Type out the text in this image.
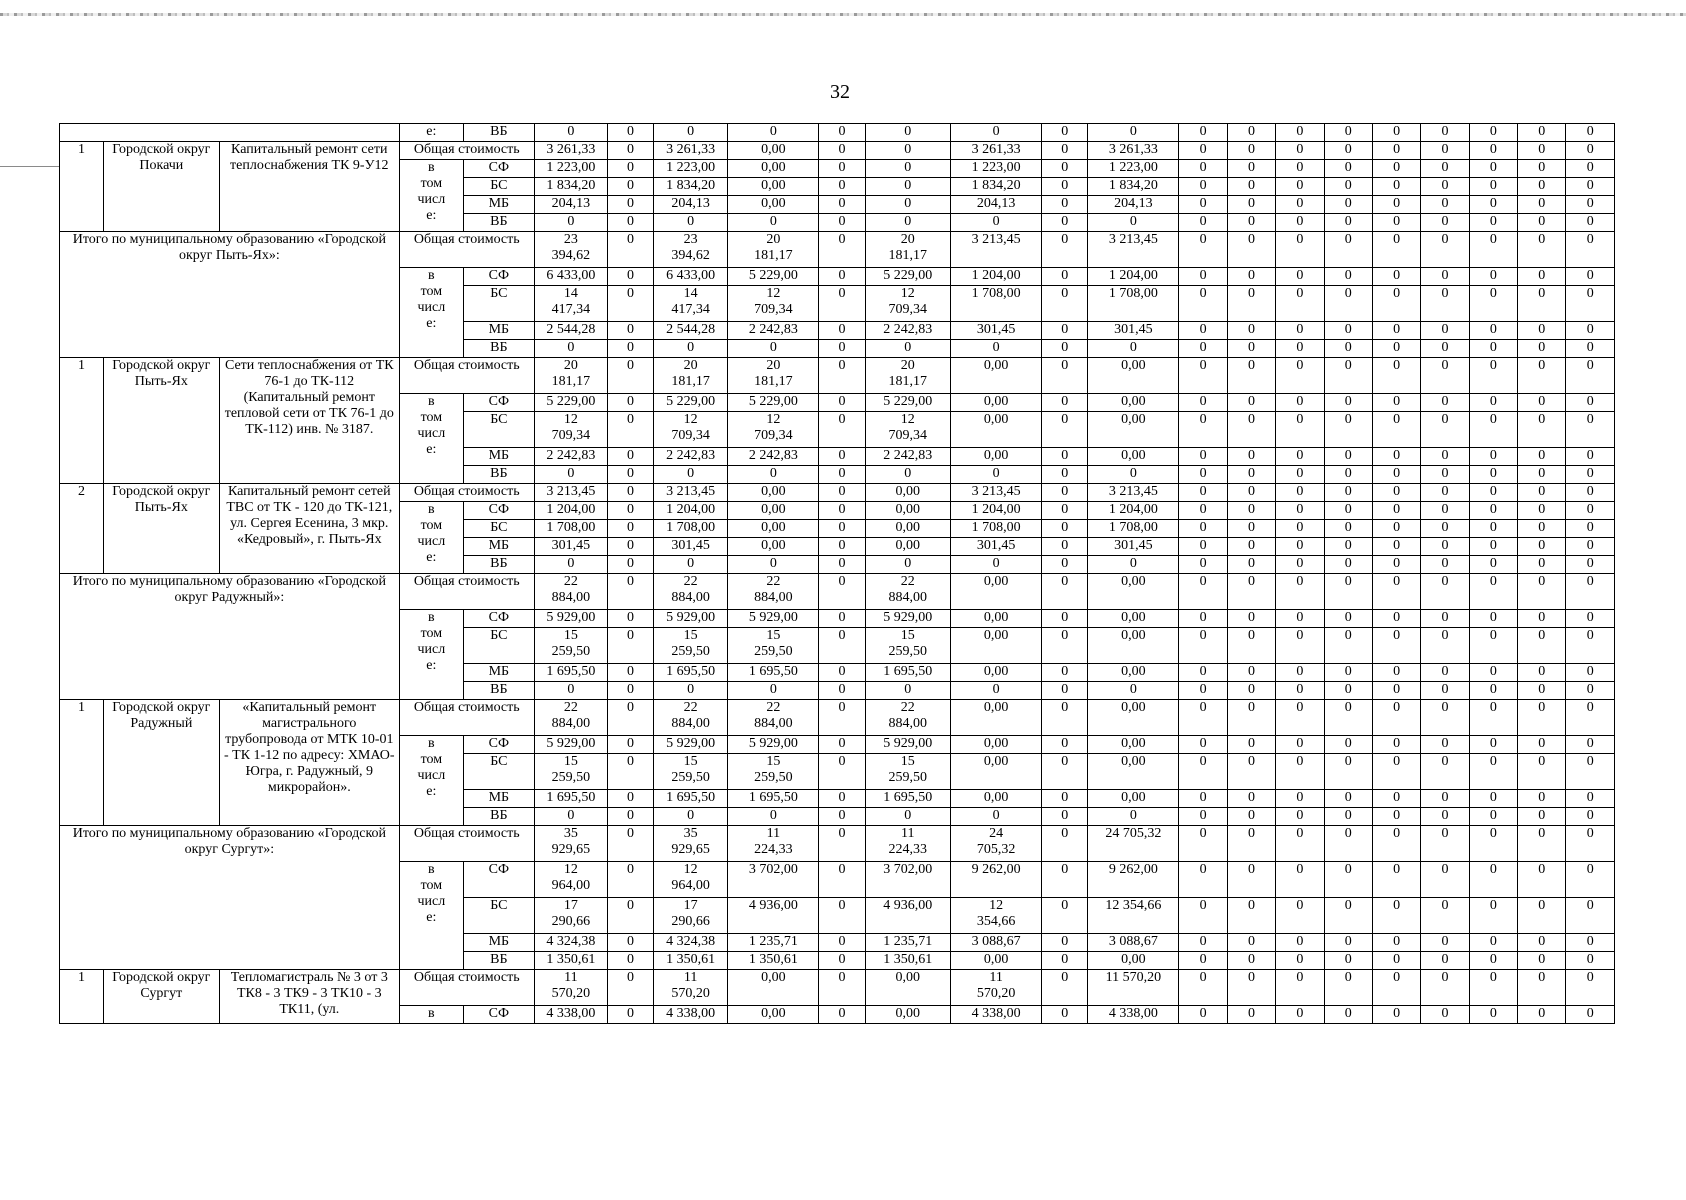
32
			е:	ВБ	0	0	0	0	0	0	0	0	0	0	0	0	0	0	0	0	0	0
1	Городской округ Покачи	Капитальный ремонт сети теплоснабжения ТК 9-У12	Общая стоимость		3 261,33	0	3 261,33	0,00	0	0	3 261,33	0	3 261,33	0	0	0	0	0	0	0	0	0
			в
том
числ
е:	СФ	1 223,00	0	1 223,00	0,00	0	0	1 223,00	0	1 223,00	0	0	0	0	0	0	0	0	0
				БС	1 834,20	0	1 834,20	0,00	0	0	1 834,20	0	1 834,20	0	0	0	0	0	0	0	0	0
				МБ	204,13	0	204,13	0,00	0	0	204,13	0	204,13	0	0	0	0	0	0	0	0	0
				ВБ	0	0	0	0	0	0	0	0	0	0	0	0	0	0	0	0	0	0
Итого по муниципальному образованию «Городской округ Пыть-Ях»:			Общая стоимость		23
394,62	0	23
394,62	20
181,17	0	20
181,17	3 213,45	0	3 213,45	0	0	0	0	0	0	0	0	0
			в
том
числ
е:	СФ	6 433,00	0	6 433,00	5 229,00	0	5 229,00	1 204,00	0	1 204,00	0	0	0	0	0	0	0	0	0
				БС	14
417,34	0	14
417,34	12
709,34	0	12
709,34	1 708,00	0	1 708,00	0	0	0	0	0	0	0	0	0
				МБ	2 544,28	0	2 544,28	2 242,83	0	2 242,83	301,45	0	301,45	0	0	0	0	0	0	0	0	0
				ВБ	0	0	0	0	0	0	0	0	0	0	0	0	0	0	0	0	0	0
1	Городской округ Пыть-Ях	Сети теплоснабжения от ТК 76-1 до ТК-112 (Капитальный ремонт тепловой сети от ТК 76-1 до ТК-112) инв. № 3187.	Общая стоимость		20
181,17	0	20
181,17	20
181,17	0	20
181,17	0,00	0	0,00	0	0	0	0	0	0	0	0	0
			в
том
числ
е:	СФ	5 229,00	0	5 229,00	5 229,00	0	5 229,00	0,00	0	0,00	0	0	0	0	0	0	0	0	0
				БС	12
709,34	0	12
709,34	12
709,34	0	12
709,34	0,00	0	0,00	0	0	0	0	0	0	0	0	0
				МБ	2 242,83	0	2 242,83	2 242,83	0	2 242,83	0,00	0	0,00	0	0	0	0	0	0	0	0	0
				ВБ	0	0	0	0	0	0	0	0	0	0	0	0	0	0	0	0	0	0
2	Городской округ Пыть-Ях	Капитальный ремонт сетей ТВС от ТК - 120 до ТК-121, ул. Сергея Есенина, 3 мкр. «Кедровый», г. Пыть-Ях	Общая стоимость		3 213,45	0	3 213,45	0,00	0	0,00	3 213,45	0	3 213,45	0	0	0	0	0	0	0	0	0
			в
том
числ
е:	СФ	1 204,00	0	1 204,00	0,00	0	0,00	1 204,00	0	1 204,00	0	0	0	0	0	0	0	0	0
				БС	1 708,00	0	1 708,00	0,00	0	0,00	1 708,00	0	1 708,00	0	0	0	0	0	0	0	0	0
				МБ	301,45	0	301,45	0,00	0	0,00	301,45	0	301,45	0	0	0	0	0	0	0	0	0
				ВБ	0	0	0	0	0	0	0	0	0	0	0	0	0	0	0	0	0	0
Итого по муниципальному образованию «Городской округ Радужный»:			Общая стоимость		22
884,00	0	22
884,00	22
884,00	0	22
884,00	0,00	0	0,00	0	0	0	0	0	0	0	0	0
			в
том
числ
е:	СФ	5 929,00	0	5 929,00	5 929,00	0	5 929,00	0,00	0	0,00	0	0	0	0	0	0	0	0	0
				БС	15
259,50	0	15
259,50	15
259,50	0	15
259,50	0,00	0	0,00	0	0	0	0	0	0	0	0	0
				МБ	1 695,50	0	1 695,50	1 695,50	0	1 695,50	0,00	0	0,00	0	0	0	0	0	0	0	0	0
				ВБ	0	0	0	0	0	0	0	0	0	0	0	0	0	0	0	0	0	0
1	Городской округ Радужный	«Капитальный ремонт магистрального трубопровода от МТК 10-01 - ТК 1-12 по адресу: ХМАО-Югра, г. Радужный, 9 микрорайон».	Общая стоимость		22
884,00	0	22
884,00	22
884,00	0	22
884,00	0,00	0	0,00	0	0	0	0	0	0	0	0	0
			в
том
числ
е:	СФ	5 929,00	0	5 929,00	5 929,00	0	5 929,00	0,00	0	0,00	0	0	0	0	0	0	0	0	0
				БС	15
259,50	0	15
259,50	15
259,50	0	15
259,50	0,00	0	0,00	0	0	0	0	0	0	0	0	0
				МБ	1 695,50	0	1 695,50	1 695,50	0	1 695,50	0,00	0	0,00	0	0	0	0	0	0	0	0	0
				ВБ	0	0	0	0	0	0	0	0	0	0	0	0	0	0	0	0	0	0
Итого по муниципальному образованию «Городской округ Сургут»:			Общая стоимость		35
929,65	0	35
929,65	11
224,33	0	11
224,33	24
705,32	0	24 705,32	0	0	0	0	0	0	0	0	0
			в
том
числ
е:	СФ	12
964,00	0	12
964,00	3 702,00	0	3 702,00	9 262,00	0	9 262,00	0	0	0	0	0	0	0	0	0
				БС	17
290,66	0	17
290,66	4 936,00	0	4 936,00	12
354,66	0	12 354,66	0	0	0	0	0	0	0	0	0
				МБ	4 324,38	0	4 324,38	1 235,71	0	1 235,71	3 088,67	0	3 088,67	0	0	0	0	0	0	0	0	0
				ВБ	1 350,61	0	1 350,61	1 350,61	0	1 350,61	0,00	0	0,00	0	0	0	0	0	0	0	0	0
1	Городской округ Сургут	Тепломагистраль № 3 от 3 ТК8 - 3 ТК9 - 3 ТК10 - 3 ТК11, (ул.	Общая стоимость		11
570,20	0	11
570,20	0,00	0	0,00	11
570,20	0	11 570,20	0	0	0	0	0	0	0	0	0
			в	СФ	4 338,00	0	4 338,00	0,00	0	0,00	4 338,00	0	4 338,00	0	0	0	0	0	0	0	0	0
